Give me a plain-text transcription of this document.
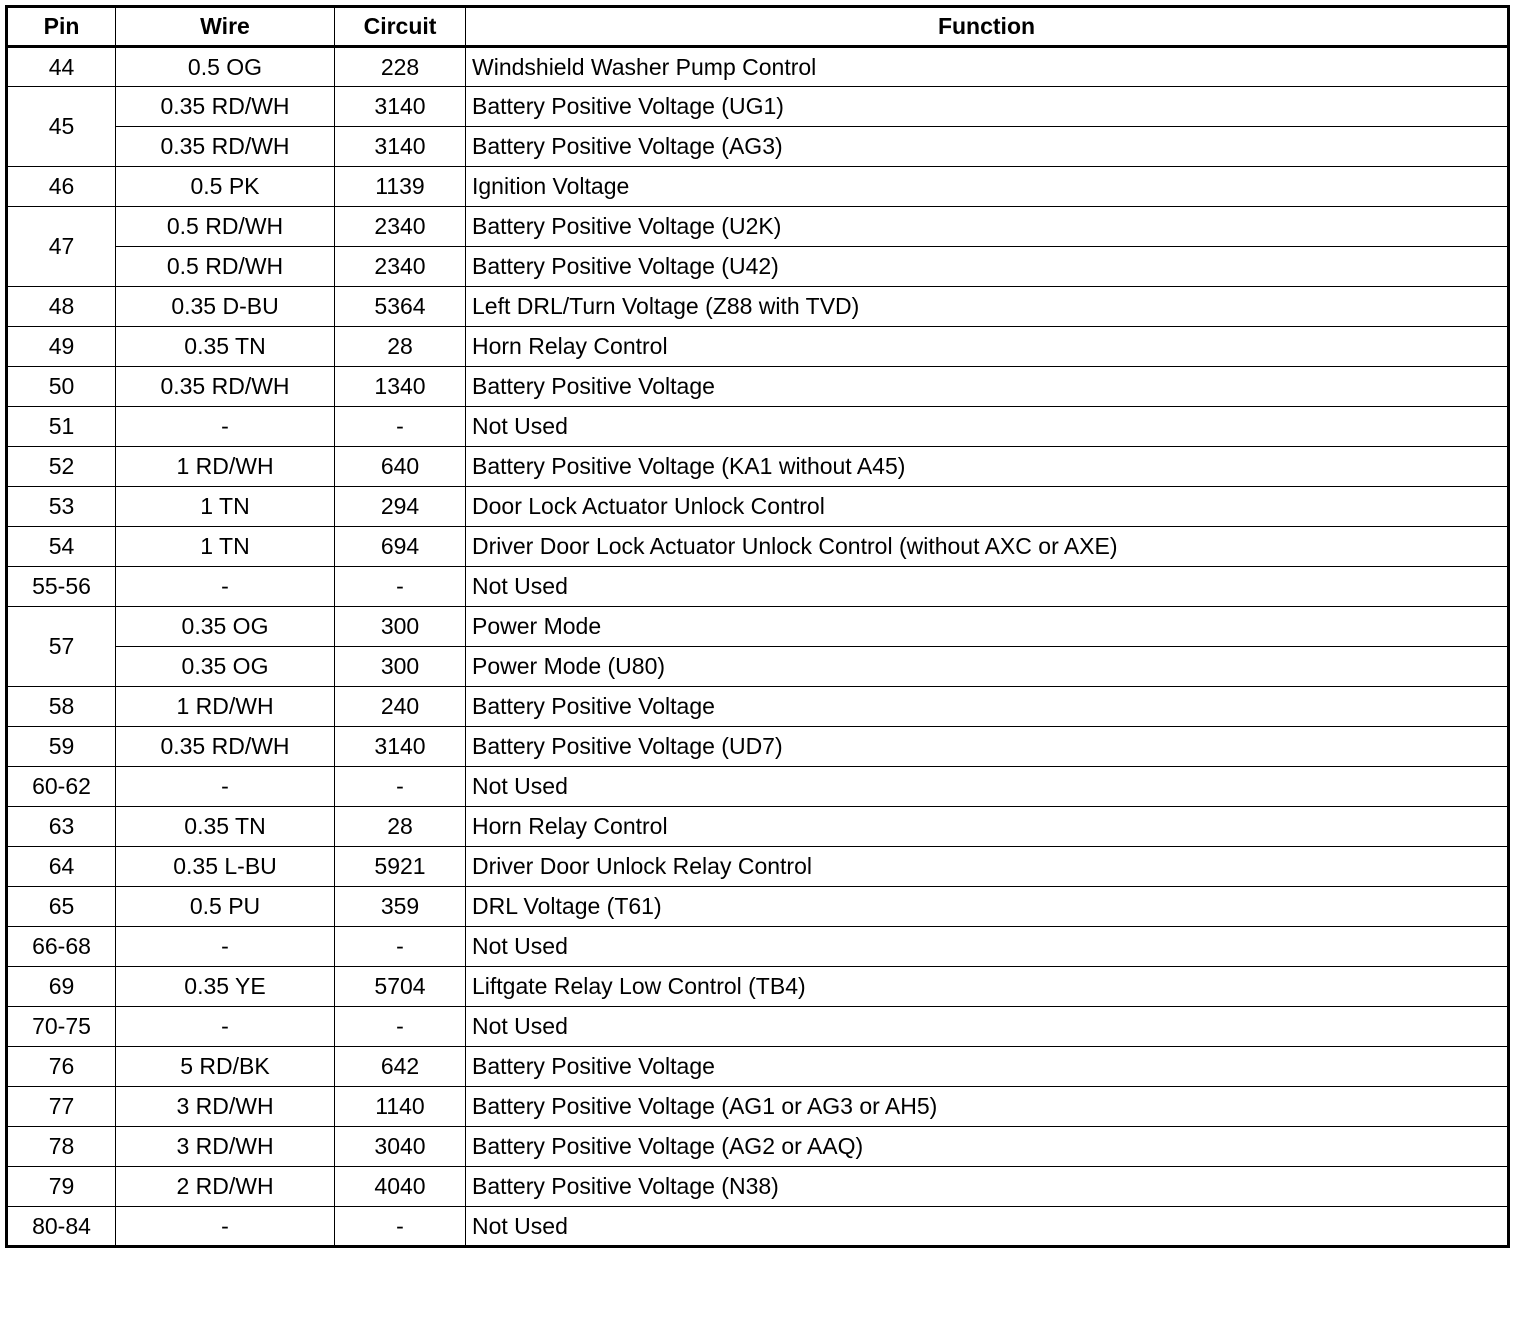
Pin	Wire	Circuit	Function
44	0.5 OG	228	Windshield Washer Pump Control
45	0.35 RD/WH	3140	Battery Positive Voltage (UG1)
	0.35 RD/WH	3140	Battery Positive Voltage (AG3)
46	0.5 PK	1139	Ignition Voltage
47	0.5 RD/WH	2340	Battery Positive Voltage (U2K)
	0.5 RD/WH	2340	Battery Positive Voltage (U42)
48	0.35 D-BU	5364	Left DRL/Turn Voltage (Z88 with TVD)
49	0.35 TN	28	Horn Relay Control
50	0.35 RD/WH	1340	Battery Positive Voltage
51	-	-	Not Used
52	1 RD/WH	640	Battery Positive Voltage (KA1 without A45)
53	1 TN	294	Door Lock Actuator Unlock Control
54	1 TN	694	Driver Door Lock Actuator Unlock Control (without AXC or AXE)
55-56	-	-	Not Used
57	0.35 OG	300	Power Mode
	0.35 OG	300	Power Mode (U80)
58	1 RD/WH	240	Battery Positive Voltage
59	0.35 RD/WH	3140	Battery Positive Voltage (UD7)
60-62	-	-	Not Used
63	0.35 TN	28	Horn Relay Control
64	0.35 L-BU	5921	Driver Door Unlock Relay Control
65	0.5 PU	359	DRL Voltage (T61)
66-68	-	-	Not Used
69	0.35 YE	5704	Liftgate Relay Low Control (TB4)
70-75	-	-	Not Used
76	5 RD/BK	642	Battery Positive Voltage
77	3 RD/WH	1140	Battery Positive Voltage (AG1 or AG3 or AH5)
78	3 RD/WH	3040	Battery Positive Voltage (AG2 or AAQ)
79	2 RD/WH	4040	Battery Positive Voltage (N38)
80-84	-	-	Not Used
